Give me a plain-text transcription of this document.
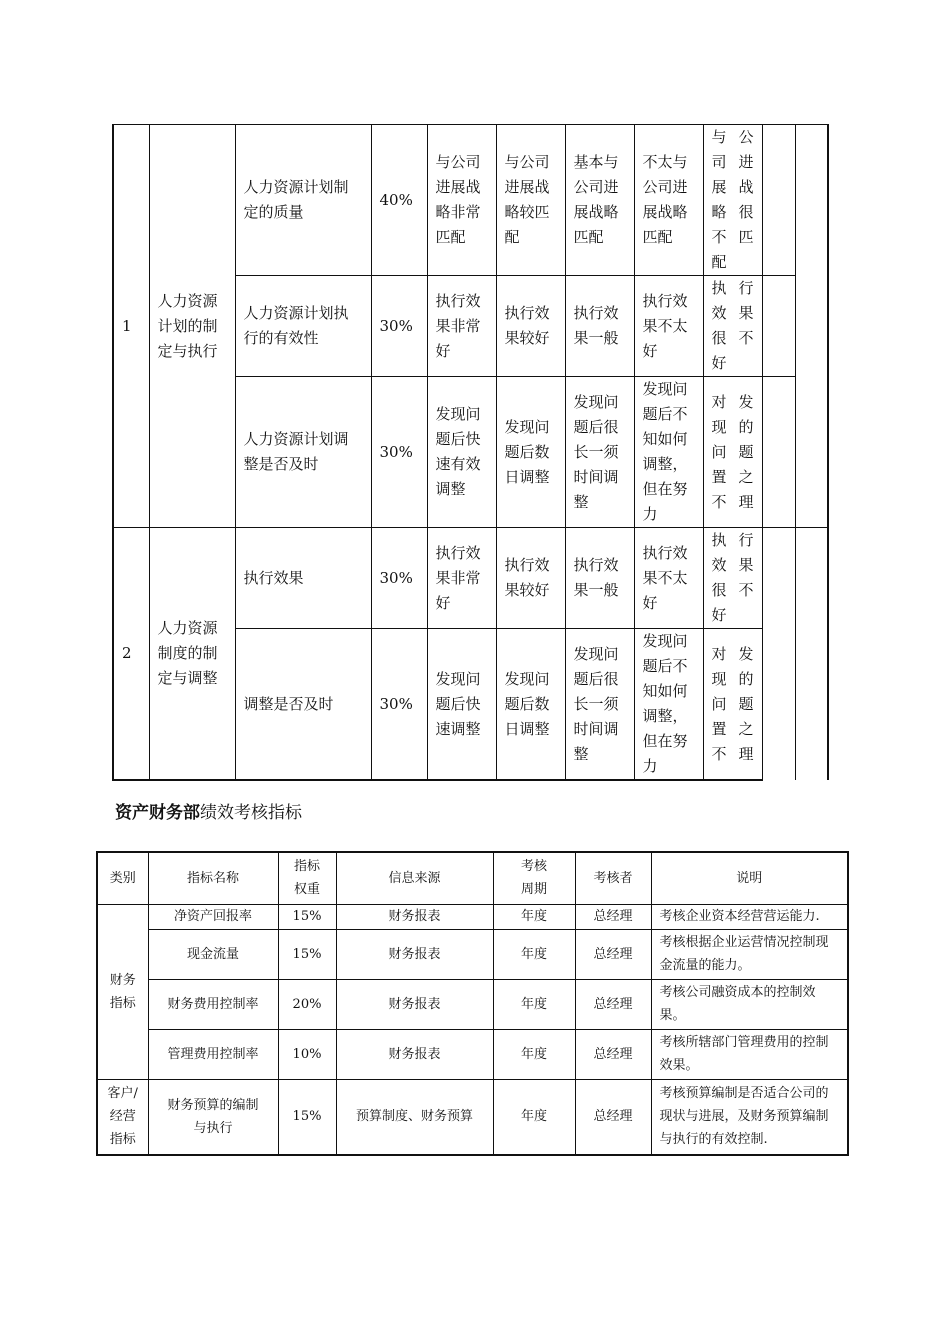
1	人力资源计划的制定与执行	人力资源计划制定的质量	40%	与公司进展战略非常匹配	与公司进展战略较匹配	基本与公司进展战略匹配	不太与公司进展战略匹配	与公司进展战略很不匹配		
		人力资源计划执行的有效性	30%	执行效果非常好	执行效果较好	执行效果一般	执行效果不太好	执行效果很不好		
		人力资源计划调整是否及时	30%	发现问题后快速有效调整	发现问题后数日调整	发现问题后很长一须时间调整	发现问题后不知如何调整，但在努力	对发现的问题置之不理		
2	人力资源制度的制定与调整	执行效果	30%	执行效果非常好	执行效果较好	执行效果一般	执行效果不太好	执行效果很不好		
		调整是否及时	30%	发现问题后快速调整	发现问题后数日调整	发现问题后很长一须时间调整	发现问题后不知如何调整，但在努力	对发现的问题置之不理		
资产财务部绩效考核指标
类别	指标名称	指标权重	信息来源	考核周期	考核者	说明
财务指标	净资产回报率	15%	财务报表	年度	总经理	考核企业资本经营营运能力.
	现金流量	15%	财务报表	年度	总经理	考核根据企业运营情况控制现金流量的能力。
	财务费用控制率	20%	财务报表	年度	总经理	考核公司融资成本的控制效果。
	管理费用控制率	10%	财务报表	年度	总经理	考核所辖部门管理费用的控制效果。
客户/经营指标	财务预算的编制与执行	15%	预算制度、财务预算	年度	总经理	考核预算编制是否适合公司的现状与进展，及财务预算编制与执行的有效控制.
